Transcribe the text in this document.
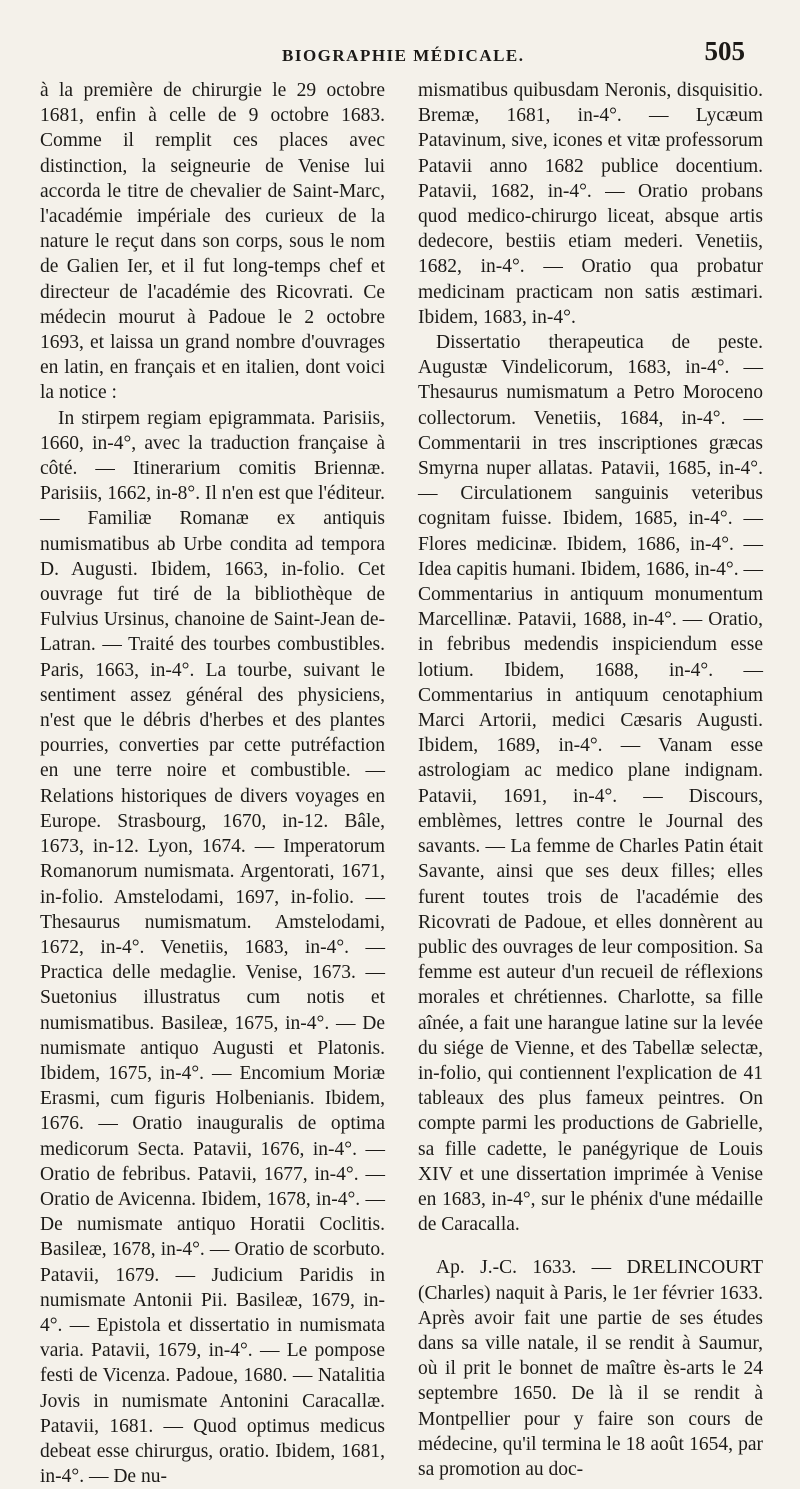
BIOGRAPHIE MÉDICALE.	505

à la première de chirurgie le 29 octobre 1681, enfin à celle de 9 octobre 1683. Comme il remplit ces places avec distinction, la seigneurie de Venise lui accorda le titre de chevalier de Saint-Marc, l'académie impériale des curieux de la nature le reçut dans son corps, sous le nom de Galien Ier, et il fut long-temps chef et directeur de l'académie des Ricovrati. Ce médecin mourut à Padoue le 2 octobre 1693, et laissa un grand nombre d'ouvrages en latin, en français et en italien, dont voici la notice :

In stirpem regiam epigrammata. Parisiis, 1660, in-4°, avec la traduction française à côté. — Itinerarium comitis Briennæ. Parisiis, 1662, in-8°. Il n'en est que l'éditeur. — Familiæ Romanæ ex antiquis numismatibus ab Urbe condita ad tempora D. Augusti. Ibidem, 1663, in-folio. Cet ouvrage fut tiré de la bibliothèque de Fulvius Ursinus, chanoine de Saint-Jean de-Latran. — Traité des tourbes combustibles. Paris, 1663, in-4°. La tourbe, suivant le sentiment assez général des physiciens, n'est que le débris d'herbes et des plantes pourries, converties par cette putréfaction en une terre noire et combustible. — Relations historiques de divers voyages en Europe. Strasbourg, 1670, in-12. Bâle, 1673, in-12. Lyon, 1674. — Imperatorum Romanorum numismata. Argentorati, 1671, in-folio. Amstelodami, 1697, in-folio. — Thesaurus numismatum. Amstelodami, 1672, in-4°. Venetiis, 1683, in-4°. — Practica delle medaglie. Venise, 1673. — Suetonius illustratus cum notis et numismatibus. Basileæ, 1675, in-4°. — De numismate antiquo Augusti et Platonis. Ibidem, 1675, in-4°. — Encomium Moriæ Erasmi, cum figuris Holbenianis. Ibidem, 1676. — Oratio inauguralis de optima medicorum Secta. Patavii, 1676, in-4°. — Oratio de febribus. Patavii, 1677, in-4°. — Oratio de Avicenna. Ibidem, 1678, in-4°. — De numismate antiquo Horatii Coclitis. Basileæ, 1678, in-4°. — Oratio de scorbuto. Patavii, 1679. — Judicium Paridis in numismate Antonii Pii. Basileæ, 1679, in-4°. — Epistola et dissertatio in numismata varia. Patavii, 1679, in-4°. — Le pompose festi de Vicenza. Padoue, 1680. — Natalitia Jovis in numismate Antonini Caracallæ. Patavii, 1681. — Quod optimus medicus debeat esse chirurgus, oratio. Ibidem, 1681, in-4°. — De nu-

mismatibus quibusdam Neronis, disquisitio. Bremæ, 1681, in-4°. — Lycæum Patavinum, sive, icones et vitæ professorum Patavii anno 1682 publice docentium. Patavii, 1682, in-4°. — Oratio probans quod medico-chirurgo liceat, absque artis dedecore, bestiis etiam mederi. Venetiis, 1682, in-4°. — Oratio qua probatur medicinam practicam non satis æstimari. Ibidem, 1683, in-4°.

Dissertatio therapeutica de peste. Augustæ Vindelicorum, 1683, in-4°. — Thesaurus numismatum a Petro Moroceno collectorum. Venetiis, 1684, in-4°. — Commentarii in tres inscriptiones græcas Smyrna nuper allatas. Patavii, 1685, in-4°. — Circulationem sanguinis veteribus cognitam fuisse. Ibidem, 1685, in-4°. — Flores medicinæ. Ibidem, 1686, in-4°. — Idea capitis humani. Ibidem, 1686, in-4°. — Commentarius in antiquum monumentum Marcellinæ. Patavii, 1688, in-4°. — Oratio, in febribus medendis inspiciendum esse lotium. Ibidem, 1688, in-4°. — Commentarius in antiquum cenotaphium Marci Artorii, medici Cæsaris Augusti. Ibidem, 1689, in-4°. — Vanam esse astrologiam ac medico plane indignam. Patavii, 1691, in-4°. — Discours, emblèmes, lettres contre le Journal des savants. — La femme de Charles Patin était Savante, ainsi que ses deux filles; elles furent toutes trois de l'académie des Ricovrati de Padoue, et elles donnèrent au public des ouvrages de leur composition. Sa femme est auteur d'un recueil de réflexions morales et chrétiennes. Charlotte, sa fille aînée, a fait une harangue latine sur la levée du siége de Vienne, et des Tabellæ selectæ, in-folio, qui contiennent l'explication de 41 tableaux des plus fameux peintres. On compte parmi les productions de Gabrielle, sa fille cadette, le panégyrique de Louis XIV et une dissertation imprimée à Venise en 1683, in-4°, sur le phénix d'une médaille de Caracalla.

Ap. J.-C. 1633. — DRELINCOURT (Charles) naquit à Paris, le 1er février 1633. Après avoir fait une partie de ses études dans sa ville natale, il se rendit à Saumur, où il prit le bonnet de maître ès-arts le 24 septembre 1650. De là il se rendit à Montpellier pour y faire son cours de médecine, qu'il termina le 18 août 1654, par sa promotion au doc-
